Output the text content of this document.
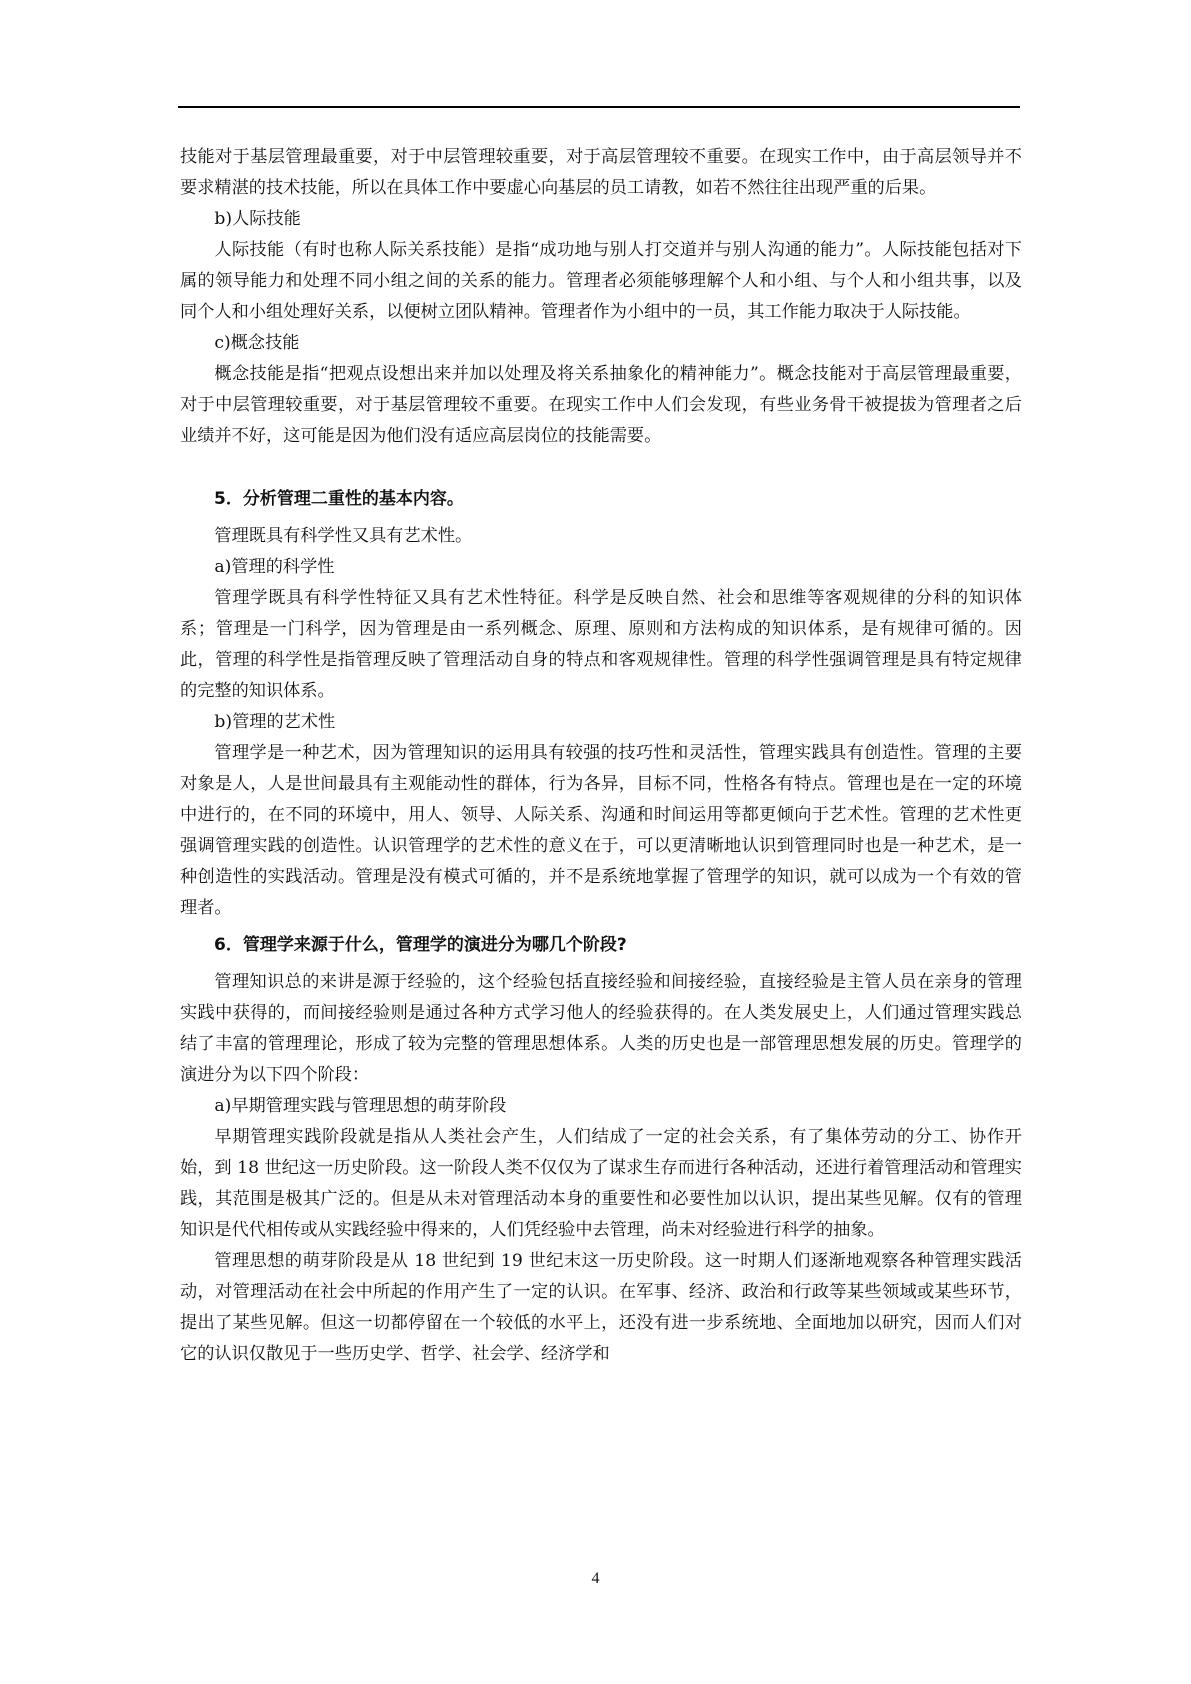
技能对于基层管理最重要，对于中层管理较重要，对于高层管理较不重要。在现实工作中，由于高层领导并不要求精湛的技术技能，所以在具体工作中要虚心向基层的员工请教，如若不然往往出现严重的后果。

b)人际技能

人际技能（有时也称人际关系技能）是指“成功地与别人打交道并与别人沟通的能力”。人际技能包括对下属的领导能力和处理不同小组之间的关系的能力。管理者必须能够理解个人和小组、与个人和小组共事，以及同个人和小组处理好关系，以便树立团队精神。管理者作为小组中的一员，其工作能力取决于人际技能。

c)概念技能

概念技能是指“把观点设想出来并加以处理及将关系抽象化的精神能力”。概念技能对于高层管理最重要，对于中层管理较重要，对于基层管理较不重要。在现实工作中人们会发现，有些业务骨干被提拔为管理者之后业绩并不好，这可能是因为他们没有适应高层岗位的技能需要。

5．分析管理二重性的基本内容。

管理既具有科学性又具有艺术性。

a)管理的科学性

管理学既具有科学性特征又具有艺术性特征。科学是反映自然、社会和思维等客观规律的分科的知识体系；管理是一门科学，因为管理是由一系列概念、原理、原则和方法构成的知识体系，是有规律可循的。因此，管理的科学性是指管理反映了管理活动自身的特点和客观规律性。管理的科学性强调管理是具有特定规律的完整的知识体系。

b)管理的艺术性

管理学是一种艺术，因为管理知识的运用具有较强的技巧性和灵活性，管理实践具有创造性。管理的主要对象是人，人是世间最具有主观能动性的群体，行为各异，目标不同，性格各有特点。管理也是在一定的环境中进行的，在不同的环境中，用人、领导、人际关系、沟通和时间运用等都更倾向于艺术性。管理的艺术性更强调管理实践的创造性。认识管理学的艺术性的意义在于，可以更清晰地认识到管理同时也是一种艺术，是一种创造性的实践活动。管理是没有模式可循的，并不是系统地掌握了管理学的知识，就可以成为一个有效的管理者。

6．管理学来源于什么，管理学的演进分为哪几个阶段?

管理知识总的来讲是源于经验的，这个经验包括直接经验和间接经验，直接经验是主管人员在亲身的管理实践中获得的，而间接经验则是通过各种方式学习他人的经验获得的。在人类发展史上，人们通过管理实践总结了丰富的管理理论，形成了较为完整的管理思想体系。人类的历史也是一部管理思想发展的历史。管理学的演进分为以下四个阶段：

a)早期管理实践与管理思想的萌芽阶段

早期管理实践阶段就是指从人类社会产生，人们结成了一定的社会关系，有了集体劳动的分工、协作开始，到 18 世纪这一历史阶段。这一阶段人类不仅仅为了谋求生存而进行各种活动，还进行着管理活动和管理实践，其范围是极其广泛的。但是从未对管理活动本身的重要性和必要性加以认识，提出某些见解。仅有的管理知识是代代相传或从实践经验中得来的，人们凭经验中去管理，尚未对经验进行科学的抽象。

管理思想的萌芽阶段是从 18 世纪到 19 世纪末这一历史阶段。这一时期人们逐渐地观察各种管理实践活动，对管理活动在社会中所起的作用产生了一定的认识。在军事、经济、政治和行政等某些领域或某些环节，提出了某些见解。但这一切都停留在一个较低的水平上，还没有进一步系统地、全面地加以研究，因而人们对它的认识仅散见于一些历史学、哲学、社会学、经济学和

4
